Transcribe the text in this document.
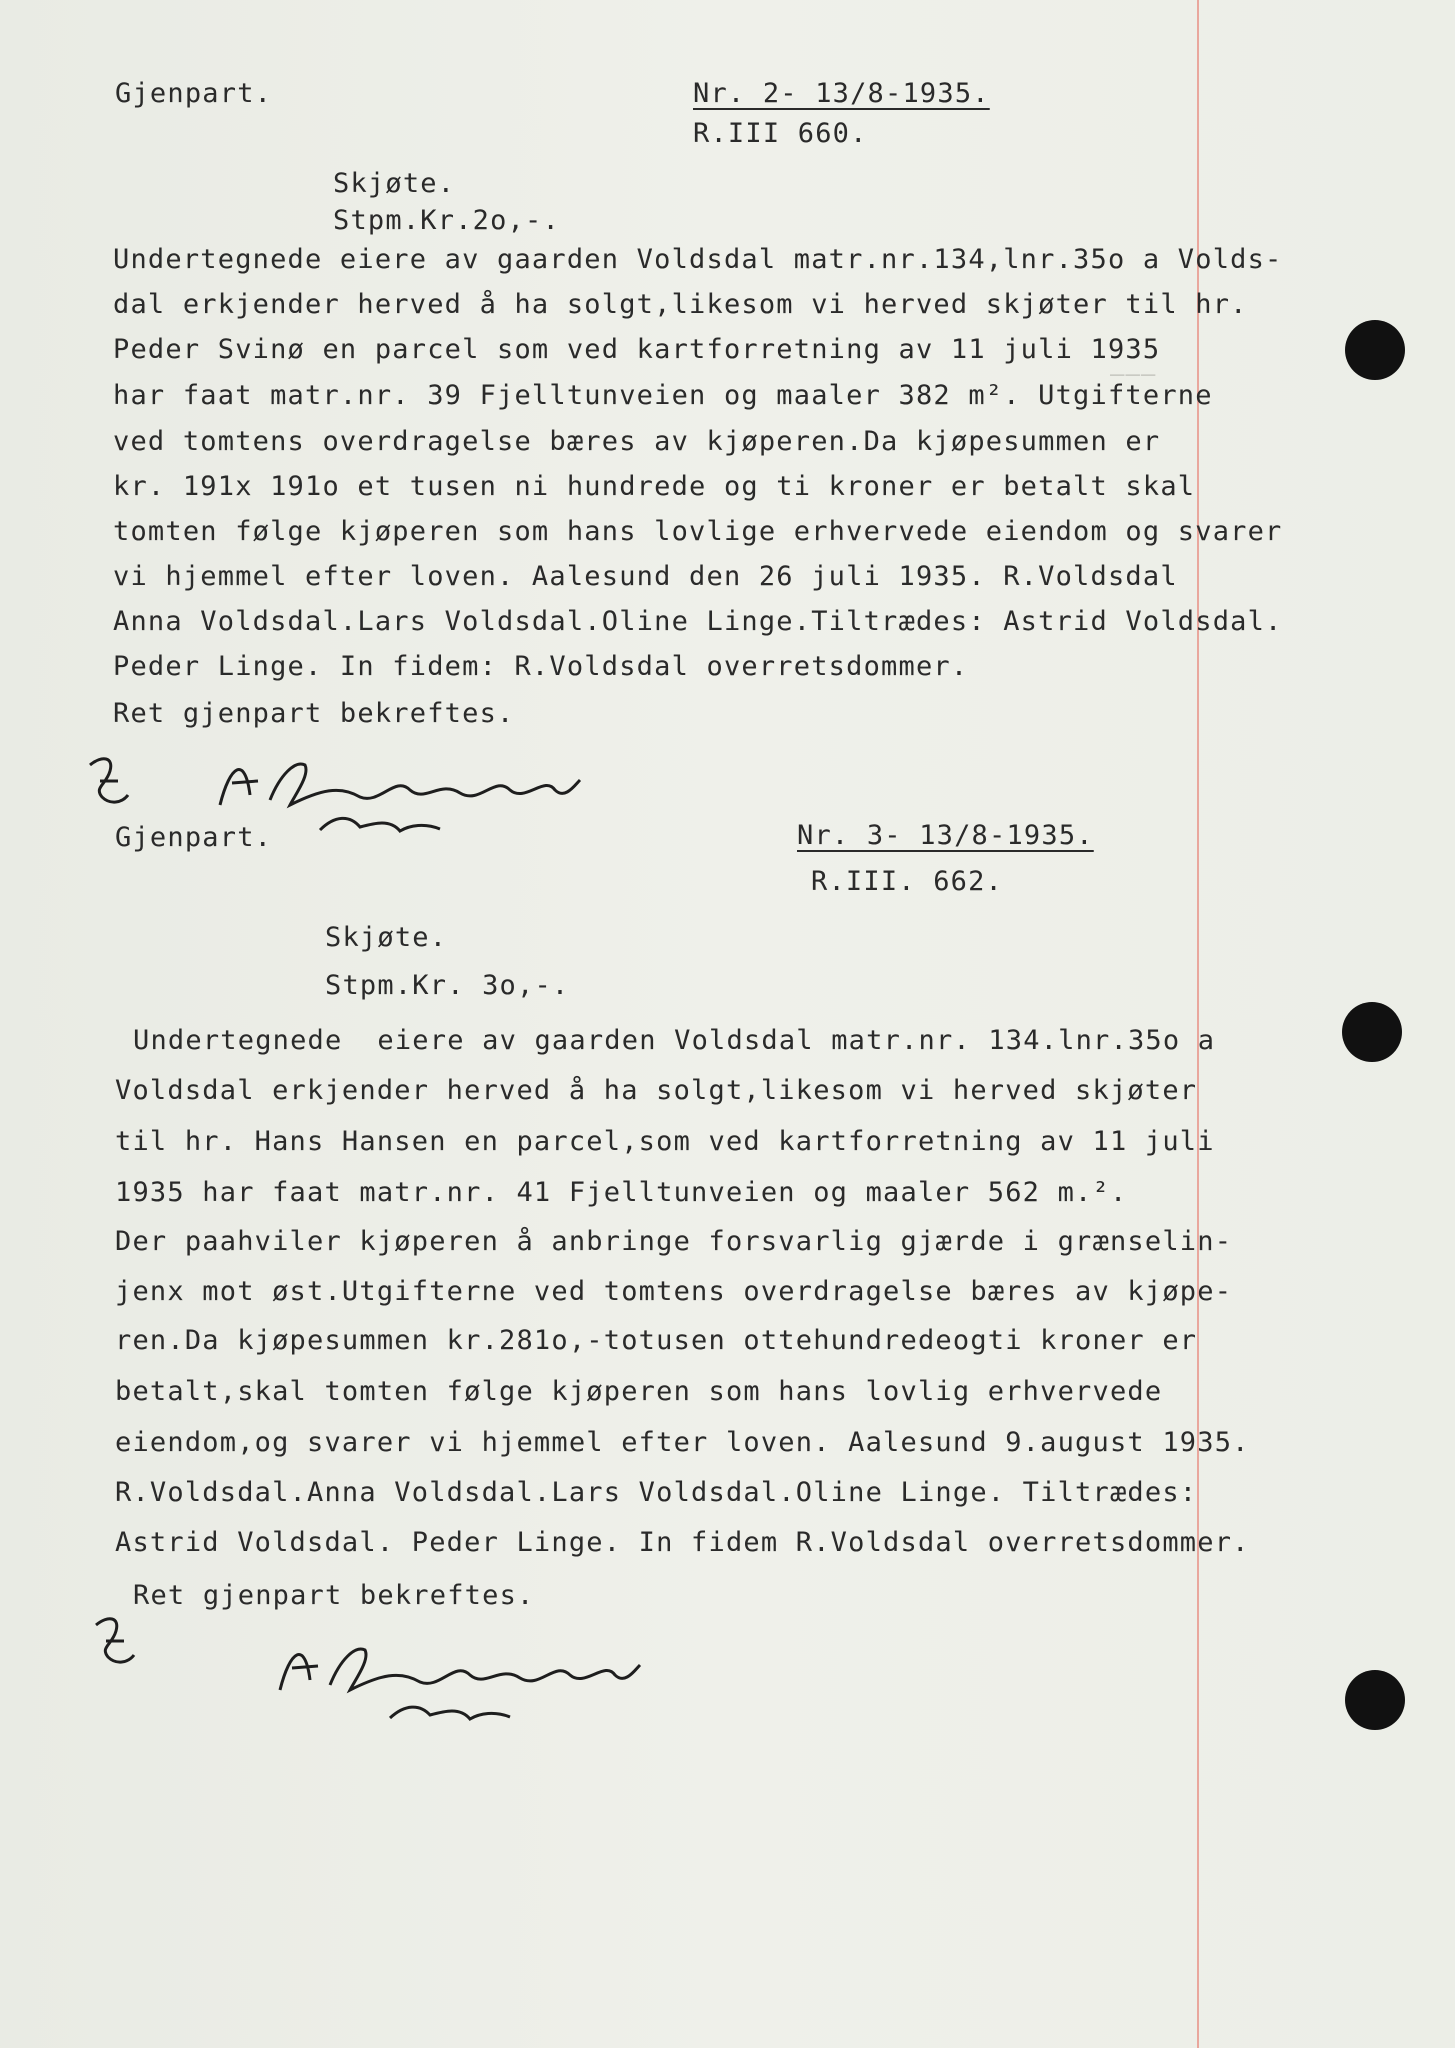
———
Gjenpart.	Nr. 2- 13/8-1935.
R.III 660.
Skjøte.
Stpm.Kr.2o,-.
Undertegnede eiere av gaarden Voldsdal matr.nr.134,lnr.35o a Volds-
dal erkjender herved å ha solgt,likesom vi herved skjøter til hr.
Peder Svinø en parcel som ved kartforretning av 11 juli 1935
har faat matr.nr. 39 Fjelltunveien og maaler 382 m². Utgifterne
ved tomtens overdragelse bæres av kjøperen.Da kjøpesummen er
kr. 191x 191o et tusen ni hundrede og ti kroner er betalt skal
tomten følge kjøperen som hans lovlige erhvervede eiendom og svarer
vi hjemmel efter loven. Aalesund den 26 juli 1935. R.Voldsdal
Anna Voldsdal.Lars Voldsdal.Oline Linge.Tiltrædes: Astrid Voldsdal.
Peder Linge. In fidem: R.Voldsdal overretsdommer.
Ret gjenpart bekreftes.
Gjenpart.	Nr. 3- 13/8-1935.
R.III. 662.
Skjøte.
Stpm.Kr. 3o,-.
Undertegnede  eiere av gaarden Voldsdal matr.nr. 134.lnr.35o a
Voldsdal erkjender herved å ha solgt,likesom vi herved skjøter
til hr. Hans Hansen en parcel,som ved kartforretning av 11 juli
1935 har faat matr.nr. 41 Fjelltunveien og maaler 562 m.².
Der paahviler kjøperen å anbringe forsvarlig gjærde i grænselin-
jenx mot øst.Utgifterne ved tomtens overdragelse bæres av kjøpe-
ren.Da kjøpesummen kr.281o,-totusen ottehundredeogti kroner er
betalt,skal tomten følge kjøperen som hans lovlig erhvervede
eiendom,og svarer vi hjemmel efter loven. Aalesund 9.august 1935.
R.Voldsdal.Anna Voldsdal.Lars Voldsdal.Oline Linge. Tiltrædes:
Astrid Voldsdal. Peder Linge. In fidem R.Voldsdal overretsdommer.
Ret gjenpart bekreftes.
